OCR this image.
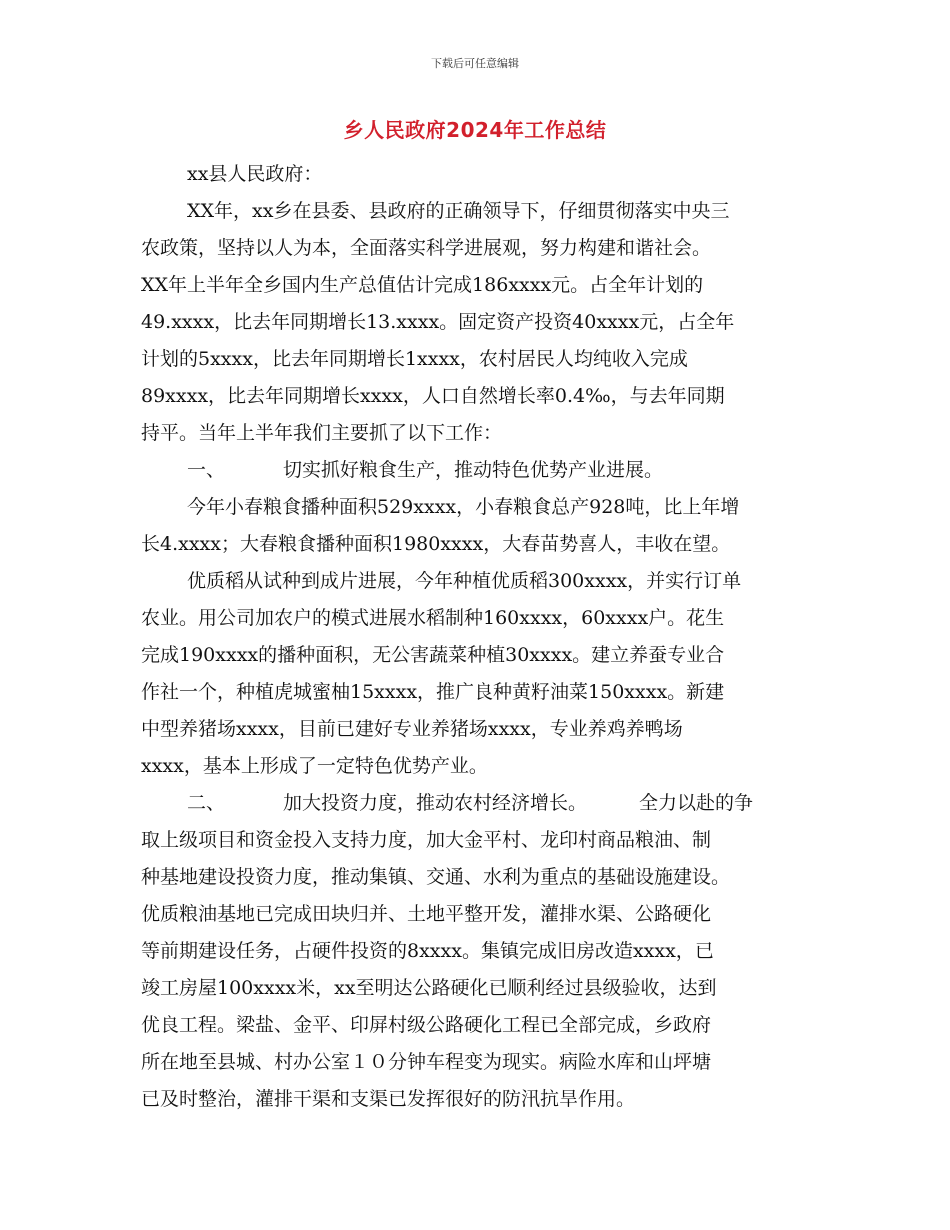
下载后可任意编辑
乡人民政府2024年工作总结
xx县人民政府：
XX年，xx乡在县委、县政府的正确领导下，仔细贯彻落实中央三
农政策，坚持以人为本，全面落实科学进展观，努力构建和谐社会。
XX年上半年全乡国内生产总值估计完成186xxxx元。占全年计划的
49.xxxx，比去年同期增长13.xxxx。固定资产投资40xxxx元，占全年
计划的5xxxx，比去年同期增长1xxxx，农村居民人均纯收入完成
89xxxx，比去年同期增长xxxx，人口自然增长率0.4‰，与去年同期
持平。当年上半年我们主要抓了以下工作：
一、	切实抓好粮食生产，推动特色优势产业进展。
今年小春粮食播种面积529xxxx，小春粮食总产928吨，比上年增
长4.xxxx；大春粮食播种面积1980xxxx，大春苗势喜人，丰收在望。
优质稻从试种到成片进展，今年种植优质稻300xxxx，并实行订单
农业。用公司加农户的模式进展水稻制种160xxxx，60xxxx户。花生
完成190xxxx的播种面积，无公害蔬菜种植30xxxx。建立养蚕专业合
作社一个，种植虎城蜜柚15xxxx，推广良种黄籽油菜150xxxx。新建
中型养猪场xxxx，目前已建好专业养猪场xxxx，专业养鸡养鸭场
xxxx，基本上形成了一定特色优势产业。
二、	加大投资力度，推动农村经济增长。	全力以赴的争
取上级项目和资金投入支持力度，加大金平村、龙印村商品粮油、制
种基地建设投资力度，推动集镇、交通、水利为重点的基础设施建设。
优质粮油基地已完成田块归并、土地平整开发，灌排水渠、公路硬化
等前期建设任务，占硬件投资的8xxxx。集镇完成旧房改造xxxx，已
竣工房屋100xxxx米，xx至明达公路硬化已顺利经过县级验收，达到
优良工程。梁盐、金平、印屏村级公路硬化工程已全部完成，乡政府
所在地至县城、村办公室１０分钟车程变为现实。病险水库和山坪塘
已及时整治，灌排干渠和支渠已发挥很好的防汛抗旱作用。
